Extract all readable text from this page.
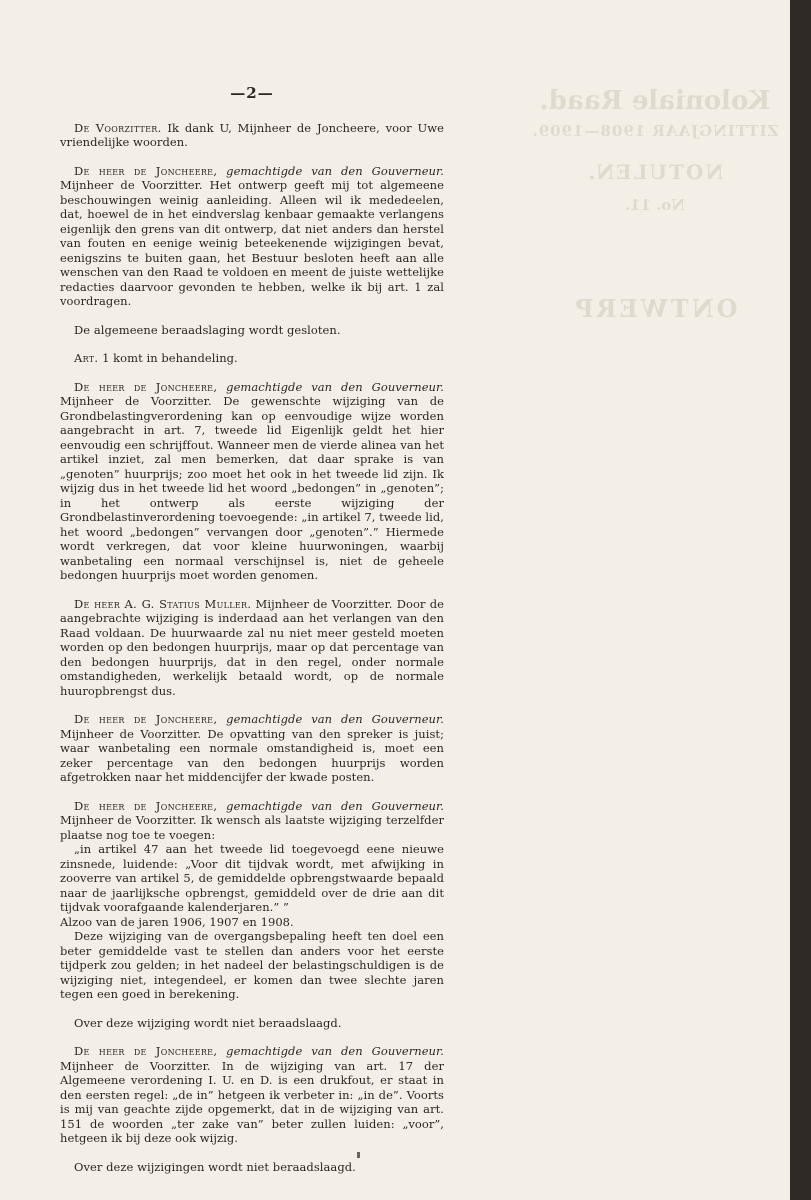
Koloniale Raad.
ZITTINGJAAR 1908—1909.
NOTULEN.
No. 11.
ONTWERP
—2—

De Voorzitter. Ik dank U, Mijnheer de Joncheere, voor Uwe vriendelijke woorden.

De heer de Joncheere, gemachtigde van den Gouverneur. Mijnheer de Voorzitter. Het ontwerp geeft mij tot algemeene beschouwingen weinig aanleiding. Alleen wil ik mededeelen, dat, hoewel de in het eindverslag kenbaar gemaakte verlangens eigenlijk den grens van dit ontwerp, dat niet anders dan herstel van fouten en eenige weinig beteekenende wijzigingen bevat, eenigszins te buiten gaan, het Bestuur besloten heeft aan alle wenschen van den Raad te voldoen en meent de juiste wettelijke redacties daarvoor gevonden te hebben, welke ik bij art. 1 zal voordragen.

De algemeene beraadslaging wordt gesloten.

Art. 1 komt in behandeling.

De heer de Joncheere, gemachtigde van den Gouverneur. Mijnheer de Voorzitter. De gewenschte wijziging van de Grondbelastingverordening kan op eenvoudige wijze worden aangebracht in art. 7, tweede lid Eigenlijk geldt het hier eenvoudig een schrijffout. Wanneer men de vierde alinea van het artikel inziet, zal men bemerken, dat daar sprake is van „genoten” huurprijs; zoo moet het ook in het tweede lid zijn. Ik wijzig dus in het tweede lid het woord „bedongen” in „genoten”; in het ontwerp als eerste wijziging der Grondbelastinverordening toevoegende: „in artikel 7, tweede lid, het woord „bedongen” vervangen door „genoten”.” Hiermede wordt verkregen, dat voor kleine huurwoningen, waarbij wanbetaling een normaal verschijnsel is, niet de geheele bedongen huurprijs moet worden genomen.

De heer A. G. Statius Muller. Mijnheer de Voorzitter. Door de aangebrachte wijziging is inderdaad aan het verlangen van den Raad voldaan. De huurwaarde zal nu niet meer gesteld moeten worden op den bedongen huurprijs, maar op dat percentage van den bedongen huurprijs, dat in den regel, onder normale omstandigheden, werkelijk betaald wordt, op de normale huuropbrengst dus.

De heer de Joncheere, gemachtigde van den Gouverneur. Mijnheer de Voorzitter. De opvatting van den spreker is juist; waar wanbetaling een normale omstandigheid is, moet een zeker percentage van den bedongen huurprijs worden afgetrokken naar het middencijfer der kwade posten.

De heer de Joncheere, gemachtigde van den Gouverneur. Mijnheer de Voorzitter. Ik wensch als laatste wijziging terzelfder plaatse nog toe te voegen:

„in artikel 47 aan het tweede lid toegevoegd eene nieuwe zinsnede, luidende: „Voor dit tijdvak wordt, met afwijking in zooverre van artikel 5, de gemiddelde opbrengstwaarde bepaald naar de jaarlijksche opbrengst, gemiddeld over de drie aan dit tijdvak voorafgaande kalenderjaren.” ”

Alzoo van de jaren 1906, 1907 en 1908.

Deze wijziging van de overgangsbepaling heeft ten doel een beter gemiddelde vast te stellen dan anders voor het eerste tijdperk zou gelden; in het nadeel der belastingschuldigen is de wijziging niet, integendeel, er komen dan twee slechte jaren tegen een goed in berekening.

Over deze wijziging wordt niet beraadslaagd.

De heer de Joncheere, gemachtigde van den Gouverneur. Mijnheer de Voorzitter. In de wijziging van art. 17 der Algemeene verordening I. U. en D. is een drukfout, er staat in den eersten regel: „de in” hetgeen ik verbeter in: „in de”. Voorts is mij van geachte zijde opgemerkt, dat in de wijziging van art. 151 de woorden „ter zake van” beter zullen luiden: „voor”, hetgeen ik bij deze ook wijzig.

Over deze wijzigingen wordt niet beraadslaagd.
